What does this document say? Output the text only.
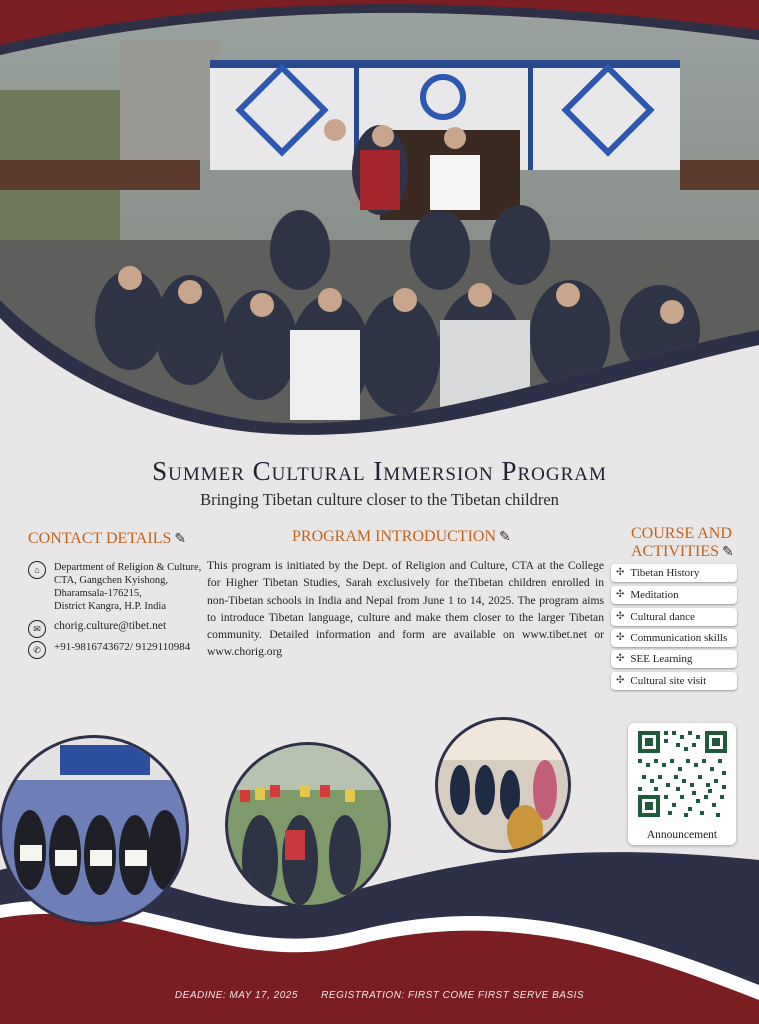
Summer Cultural Immersion Program
Bringing Tibetan culture closer to the Tibetan children
CONTACT DETAILS ✎
⌂	Department of Religion & Culture,
CTA, Gangchen Kyishong,
Dharamsala-176215,
District Kangra, H.P. India
✉	chorig.culture@tibet.net
✆	+91-9816743672/ 9129110984
PROGRAM INTRODUCTION ✎
This program is initiated by the Dept. of Religion and Culture, CTA at the College for Higher Tibetan Studies, Sarah exclusively for theTibetan children enrolled in non-Tibetan schools in India and Nepal from June 1 to 14, 2025. The program aims to introduce Tibetan language, culture and make them closer to the larger Tibetan community. Detailed information and form are available on www.tibet.net or www.chorig.org
COURSE AND
ACTIVITIES ✎
✣ Tibetan History
✣ Meditation
✣ Cultural dance
✣ Communication skills
✣ SEE Learning
✣ Cultural site visit
Announcement
DEADINE: MAY 17, 2025 REGISTRATION: FIRST COME FIRST SERVE BASIS
